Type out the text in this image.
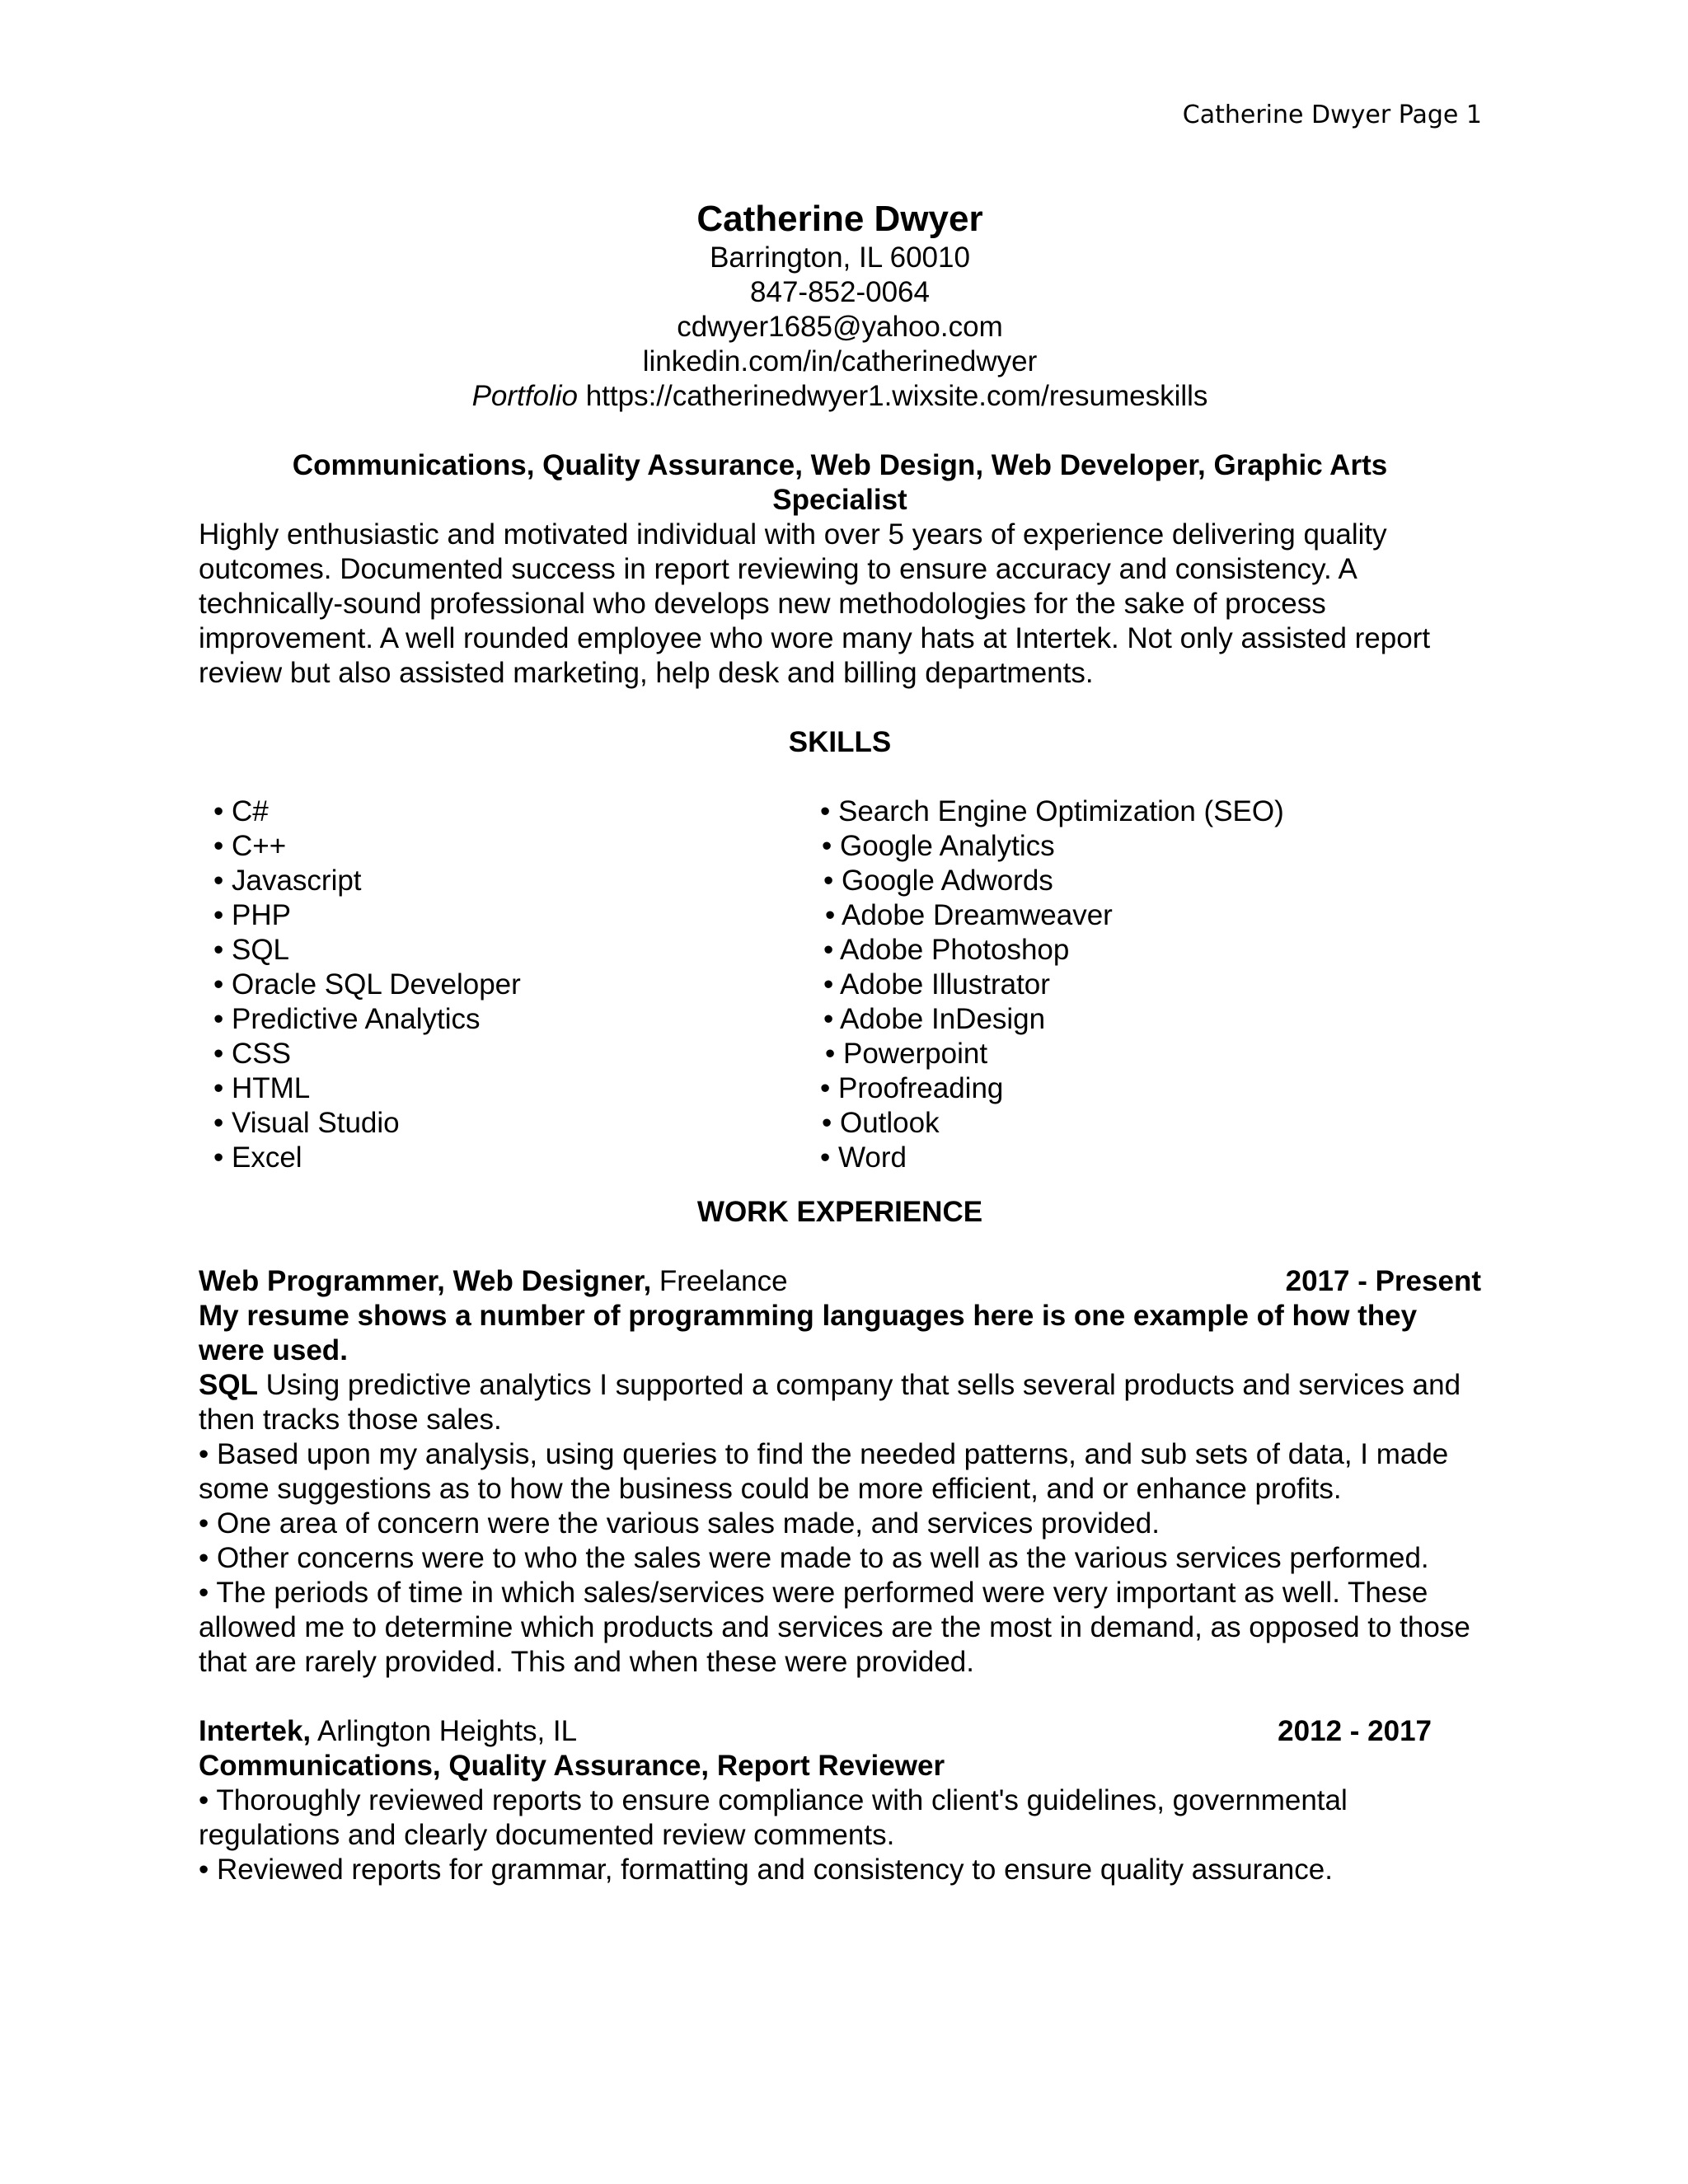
Catherine Dwyer Page 1
Catherine Dwyer
Barrington, IL 60010
847-852-0064
cdwyer1685@yahoo.com
linkedin.com/in/catherinedwyer
Portfolio https://catherinedwyer1.wixsite.com/resumeskills
Communications, Quality Assurance, Web Design, Web Developer, Graphic Arts Specialist

Highly enthusiastic and motivated individual with over 5 years of experience delivering quality outcomes. Documented success in report reviewing to ensure accuracy and consistency. A technically-sound professional who develops new methodologies for the sake of process improvement. A well rounded employee who wore many hats at Intertek. Not only assisted report review but also assisted marketing, help desk and billing departments.

SKILLS
• C#
• C++
• Javascript
• PHP
• SQL
• Oracle SQL Developer
• Predictive Analytics
• CSS
• HTML
• Visual Studio
• Excel
• Search Engine Optimization (SEO)
• Google Analytics
• Google Adwords
• Adobe Dreamweaver
• Adobe Photoshop
• Adobe Illustrator
• Adobe InDesign
• Powerpoint
• Proofreading
• Outlook
• Word
WORK EXPERIENCE
Web Programmer, Web Designer, Freelance	2017 - Present

My resume shows a number of programming languages here is one example of how they were used.

SQL Using predictive analytics I supported a company that sells several products and services and then tracks those sales.

• Based upon my analysis, using queries to find the needed patterns, and sub sets of data, I made some suggestions as to how the business could be more efficient, and or enhance profits.

• One area of concern were the various sales made, and services provided.

• Other concerns were to who the sales were made to as well as the various services performed.

• The periods of time in which sales/services were performed were very important as well. These allowed me to determine which products and services are the most in demand, as opposed to those that are rarely provided. This and when these were provided.

Intertek, Arlington Heights, IL	2012 - 2017

Communications, Quality Assurance, Report Reviewer

• Thoroughly reviewed reports to ensure compliance with client's guidelines, governmental regulations and clearly documented review comments.

• Reviewed reports for grammar, formatting and consistency to ensure quality assurance.
